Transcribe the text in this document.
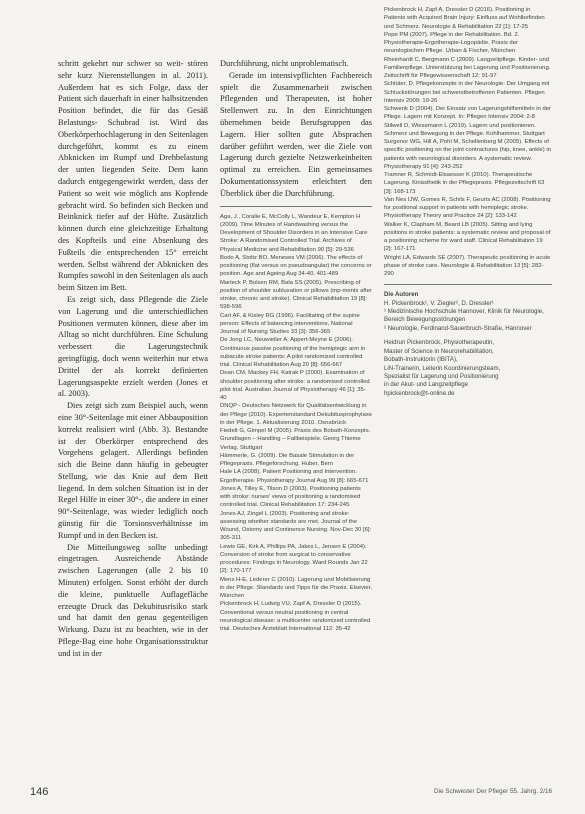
schritt gekehrt nur schwer so weit- stören sehr kurz Nierenstellungen in al. 2011). Außerdem hat es sich Folge, dass der Patient sich dauerhaft in einer halbsitzenden Position befindet, die für das Gesäß Belastungs- Schubrad ist. Wird das Oberkörperhochlagerung in den Seitenlagen durchgeführt, kommt es zu einem Abknicken im Rumpf und Drehbelastung der unten liegenden Seite. Dem kann dadurch entgegengewirkt werden, dass der Patient so weit wie möglich ans Kopfende gebracht wird. So befinden sich Becken und Beinknick tiefer auf der Hüfte. Zusätzlich können durch eine gleichzeitige Erhaltung des Kopfteils und eine Absenkung des Fußteils die entsprechenden 15° erreicht werden. Selbst während der Abknicken des Rumpfes sowohl in den Seitenlagen als auch beim Sitzen im Bett.

Es zeigt sich, dass Pflegende die Ziele von Lagerung und die unterschiedlichen Positionen vermuten können, diese aber im Alltag so nicht durchführen. Eine Schulung verbessert die Lagerungstechnik geringfügig, doch wenn weiterhin nur etwa Drittel der als korrekt definierten Lagerungsaspekte erzielt werden (Jones et al. 2003).

Dies zeigt sich zum Beispiel auch, wenn eine 30°-Seitenlage mit einer Abbauposition korrekt realisiert wird (Abb. 3). Bestandte ist der Oberkörper entsprechend des Vorgehens gelagert. Allerdings befinden sich die Beine dann häufig in gebeugter Stellung, wie das Knie auf dem Bett liegend. In dem solchen Situation ist in der Regel Hilfe in einer 30°-, die andere in einer 90°-Seitenlage, was wieder lediglich noch günstig für die Torsionsverhältnisse im Rumpf und in den Becken ist.

Die Mitteilungsweg sollte unbedingt eingetragen. Ausreichende Abstände zwischen Lagerungen (alle 2 bis 10 Minuten) erfolgen. Sonst erhöht der durch die kleine, punktuelle Auflagefläche erzeugte Druck das Dekubitusrisiko stark und hat damit den genau gegenteiligen Wirkung. Dazu ist zu beachten, wie in der Pflege-Bag eine hohe Organisationsstruktur und ist in der

Durchführung, nicht unproblematisch.

Gerade im intensivpflichten Fachbereich spielt die Zusammenarbeit zwischen Pflegenden und Therapeuten, ist hoher Stellenwert zu. In den Einrichtungen übernehmen beide Berufsgruppen das Lagern. Hier sollten gute Absprachen darüber geführt werden, wer die Ziele von Lagerung durch gezielte Netzwerkeinheiten optimal zu erreichen. Ein gemeinsames Dokumentationssystem erleichtert den Überblick über die Durchführung.

Aga, J., Coralie E, McColly L, Wandeur E, Kempton H (2009). Time Minutes of Handwashing versus the Development of Shoulder Disorders in an Intensive Care Stroke: A Randomised Controlled Trial. Archives of Physical Medicine and Rehabilitation 90 [5]: 29-536
Bodo A, Stoltz BO, Meneses VM (2006). The effects of positioning (flat versus on pseudoangular) the concerns or position. Age and Ageing Aug 34-40. 401-489
Marteck P, Bolsen RM, Bala SS (2005). Prescribing of position of shoulder subluxation or pillows (mp-ments after stroke, chronic and stroke). Clinical Rehabilitation 19 [8]: 598-596
Cart AF, & Kisley RG (1996). Facilitating of the supine person: Effects of balancing interventions, National Journal of Nursing Studies 33 [3]: 356-365
De Jong LC, Neuwieller A, Appert-Meyne E (2006). Continuous passive positioning of the hemiplegic arm in subacute stroke patients: A pilot randomized controlled trial. Clinical Rehabilitation Aug 20 [8]: 656-667
Dean CM, Mackey FH, Katrak P (2000). Examination of shoulder positioning after stroke: a randomised controlled pilot trial. Australian Journal of Physiotherapy 46 [1]: 35-40
DNQP - Deutsches Netzwerk für Qualitätsentwicklung in der Pflege (2010). Expertenstandard Dekubitusprophylaxe in der Pflege. 1. Aktualisierung 2010. Osnabrück
Fiedelt G, Gimpel M (2005). Praxis des Bobath-Konzepts. Grundlagen – Handling – Fallbeispiele. Georg Thieme Verlag, Stuttgart
Hämmerle, G. (2009). Die Basale Stimulation in der Pflegepraxis. Pflegeforschung. Huber, Bern
Hale LA (2008). Patient Positioning and Intervention. Ergotherapie. Physiotherapy Journal Aug 99 [8]: 665-671
Jones A, Tilley E, Tilson D (2003). Positioning patients with stroke: nurses' views of positioning a randomised controlled trial. Clinical Rehabilitation 17: 234-245
Jones AJ, Zingel L (2003). Positioning and stroke: assessing whether standards are met. Journal of the Wound, Ostomy and Continence Nursing. Nov-Dec 30 [6]: 305-311
Lewis GE, Kirk A, Phillips PA, Jakes L, Jensen E (2004). Conversion of stroke from surgical to conservative procedures: Findings in Neurology. Ward Rounds Jan 22 [2]: 170-177
Mens H-E, Lederer C (2010). Lagerung und Mobilisierung in der Pflege. Standards und Tipps für die Praxis. Elsevier, München
Pickenbrock H, Ludwig VU, Zapf A, Dressler D (2015). Conventional versus neutral positioning in central neurological disease: a multicenter randomized controlled trial. Deutsches Ärzteblatt International 112: 35-42
Pickenbrock H, Zapf A, Dressler D (2016). Positioning in Patients with Acquired Brain Injury: Einfluss auf Wohlbefinden und Schmerz. Neurologie & Rehabilitation 22 [1]: 17-25
Pope PM (2007). Pflege in der Rehabilitation. Bd. 2. Physiotherapie-Ergotherapie-Logopädie. Praxis der neurologischen Pflege. Urban & Fischer, München
Rheinhardt C, Bergmann C (2009). Langzeitpflege. Kinder- und Familienpflege. Unterstützung bei Lagerung und Positionierung. Zeitschrift für Pflegewissenschaft 12: 91-97
Schlüter, D. Pflegekonzepte in der Neurologie: Der Umgang mit Schluckstörungen bei schwerstbetroffenen Patienten. Pflegen Intensiv 2009: 19-26
Schwenk D (2004). Der Einsatz von Lagerungshilfsmitteln in der Pflege. Lagern mit Konzept. In: Pflegen Intensiv 2004: 2-8
Stilwell D, Wiesemann L (2010). Lagern und positionieren. Schmerz und Bewegung in der Pflege. Kohlhammer, Stuttgart
Surgenor WG, Hill A, Pohl M, Schellenberg M (2005). Effects of specific positioning on the joint contractures (hip, knee, ankle) in patients with neurological disorders. A systematic review. Physiotherapy 91 [4]: 243-252
Tramner R, Schmidt-Elsaesser K (2010). Therapeutische Lagerung. Kinästhetik in der Pflegepraxis. Pflegezeitschrift 63 [3]: 168-173
Van Nes IJW, Gomes R, Schils F, Geurts AC (2008). Positioning for positional support in patients with hemiplegic stroke. Physiotherapy Theory and Practice 24 [2]: 133-142
Walker K, Clapham M, Beard LB (2005). Sitting and lying positions in stroke patients: a systematic review and proposal of a positioning scheme for ward staff. Clinical Rehabilitation 19 [2]: 167-171
Wright LA, Edwards SE (2007). Therapeutic positioning in acute phase of stroke care. Neurologie & Rehabilitation 13 [5]: 282-290
Die Autoren
H. Pickenbrock¹, V. Ziegler², D. Dressler¹
¹ Medizinische Hochschule Hannover, Klinik für Neurologie, Bereich Bewegungsstörungen
² Neurologie, Ferdinand-Sauerbruch-Straße, Hannover
Heidrun Pickenbrock, Physiotherapeutin,
Master of Science in Neurorehabilitation,
Bobath-Instruktorin (IBITA),
LiN-Trainerin, Leiterin Koordinierungsteam,
Spezialist für Lagerung und Positionierung
in der Akut- und Langzeitpflege
hpickenbrock@t-online.de
146	Die Schwester Der Pfleger 55. Jahrg. 2/16
